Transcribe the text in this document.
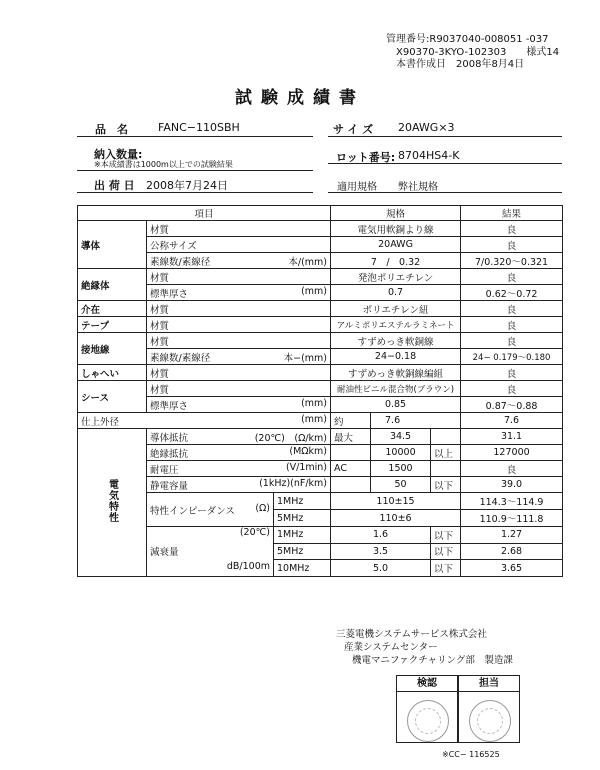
管理番号:R9037040-008051 -037
X90370-3KYO-102303 様式14
本書作成日　2008年8月4日
試験成績書
品　名	FANC−110SBH	サイズ 20AWG×3
納入数量:
※本成績書は1000m以上での試験結果
ロット番号: 8704HS4-K
出 荷 日 2008年7月24日	適用規格 弊社規格
項目			規格			結果
導体	材質		電気用軟銅より線			良
	公称サイズ		20AWG			良
	素線数/素線径 本/(mm)		7　/　0.32			7/0.320〜0.321
絶縁体	材質		発泡ポリエチレン			良
	標準厚さ (mm)		0.7			0.62〜0.72
介在	材質		ポリエチレン紐			良
テープ	材質		アルミポリエステルラミネート			良
接地線	材質		すずめっき軟銅線			良
	素線数/素線径 本−(mm)		24−0.18			24− 0.179〜0.180
しゃへい	材質		すずめっき軟銅線編組			良
シース	材質		耐油性ビニル混合物(ブラウン)			良
	標準厚さ (mm)		0.85			0.87〜0.88
仕上外径 (mm)			約	7.6		7.6
電気特性	導体抵抗 (20℃)　(Ω/km)		最大	34.5		31.1
	絶縁抵抗 (MΩkm)			10000	以上	127000
	耐電圧 (V/1min)		AC	1500		良
	静電容量 (1kHz)(nF/km)			50	以下	39.0
	特性インピーダンス (Ω)	1MHz	110±15			114.3〜114.9
		5MHz	110±6			110.9〜111.8

	(20℃)
減衰量
dB/100m	1MHz	1.6		以下	1.27
		5MHz	3.5		以下	2.68
		10MHz	5.0		以下	3.65
三菱電機システムサービス株式会社
産業システムセンター
機電マニファクチャリング部　製造課
検認	担当
※CC− 116525
